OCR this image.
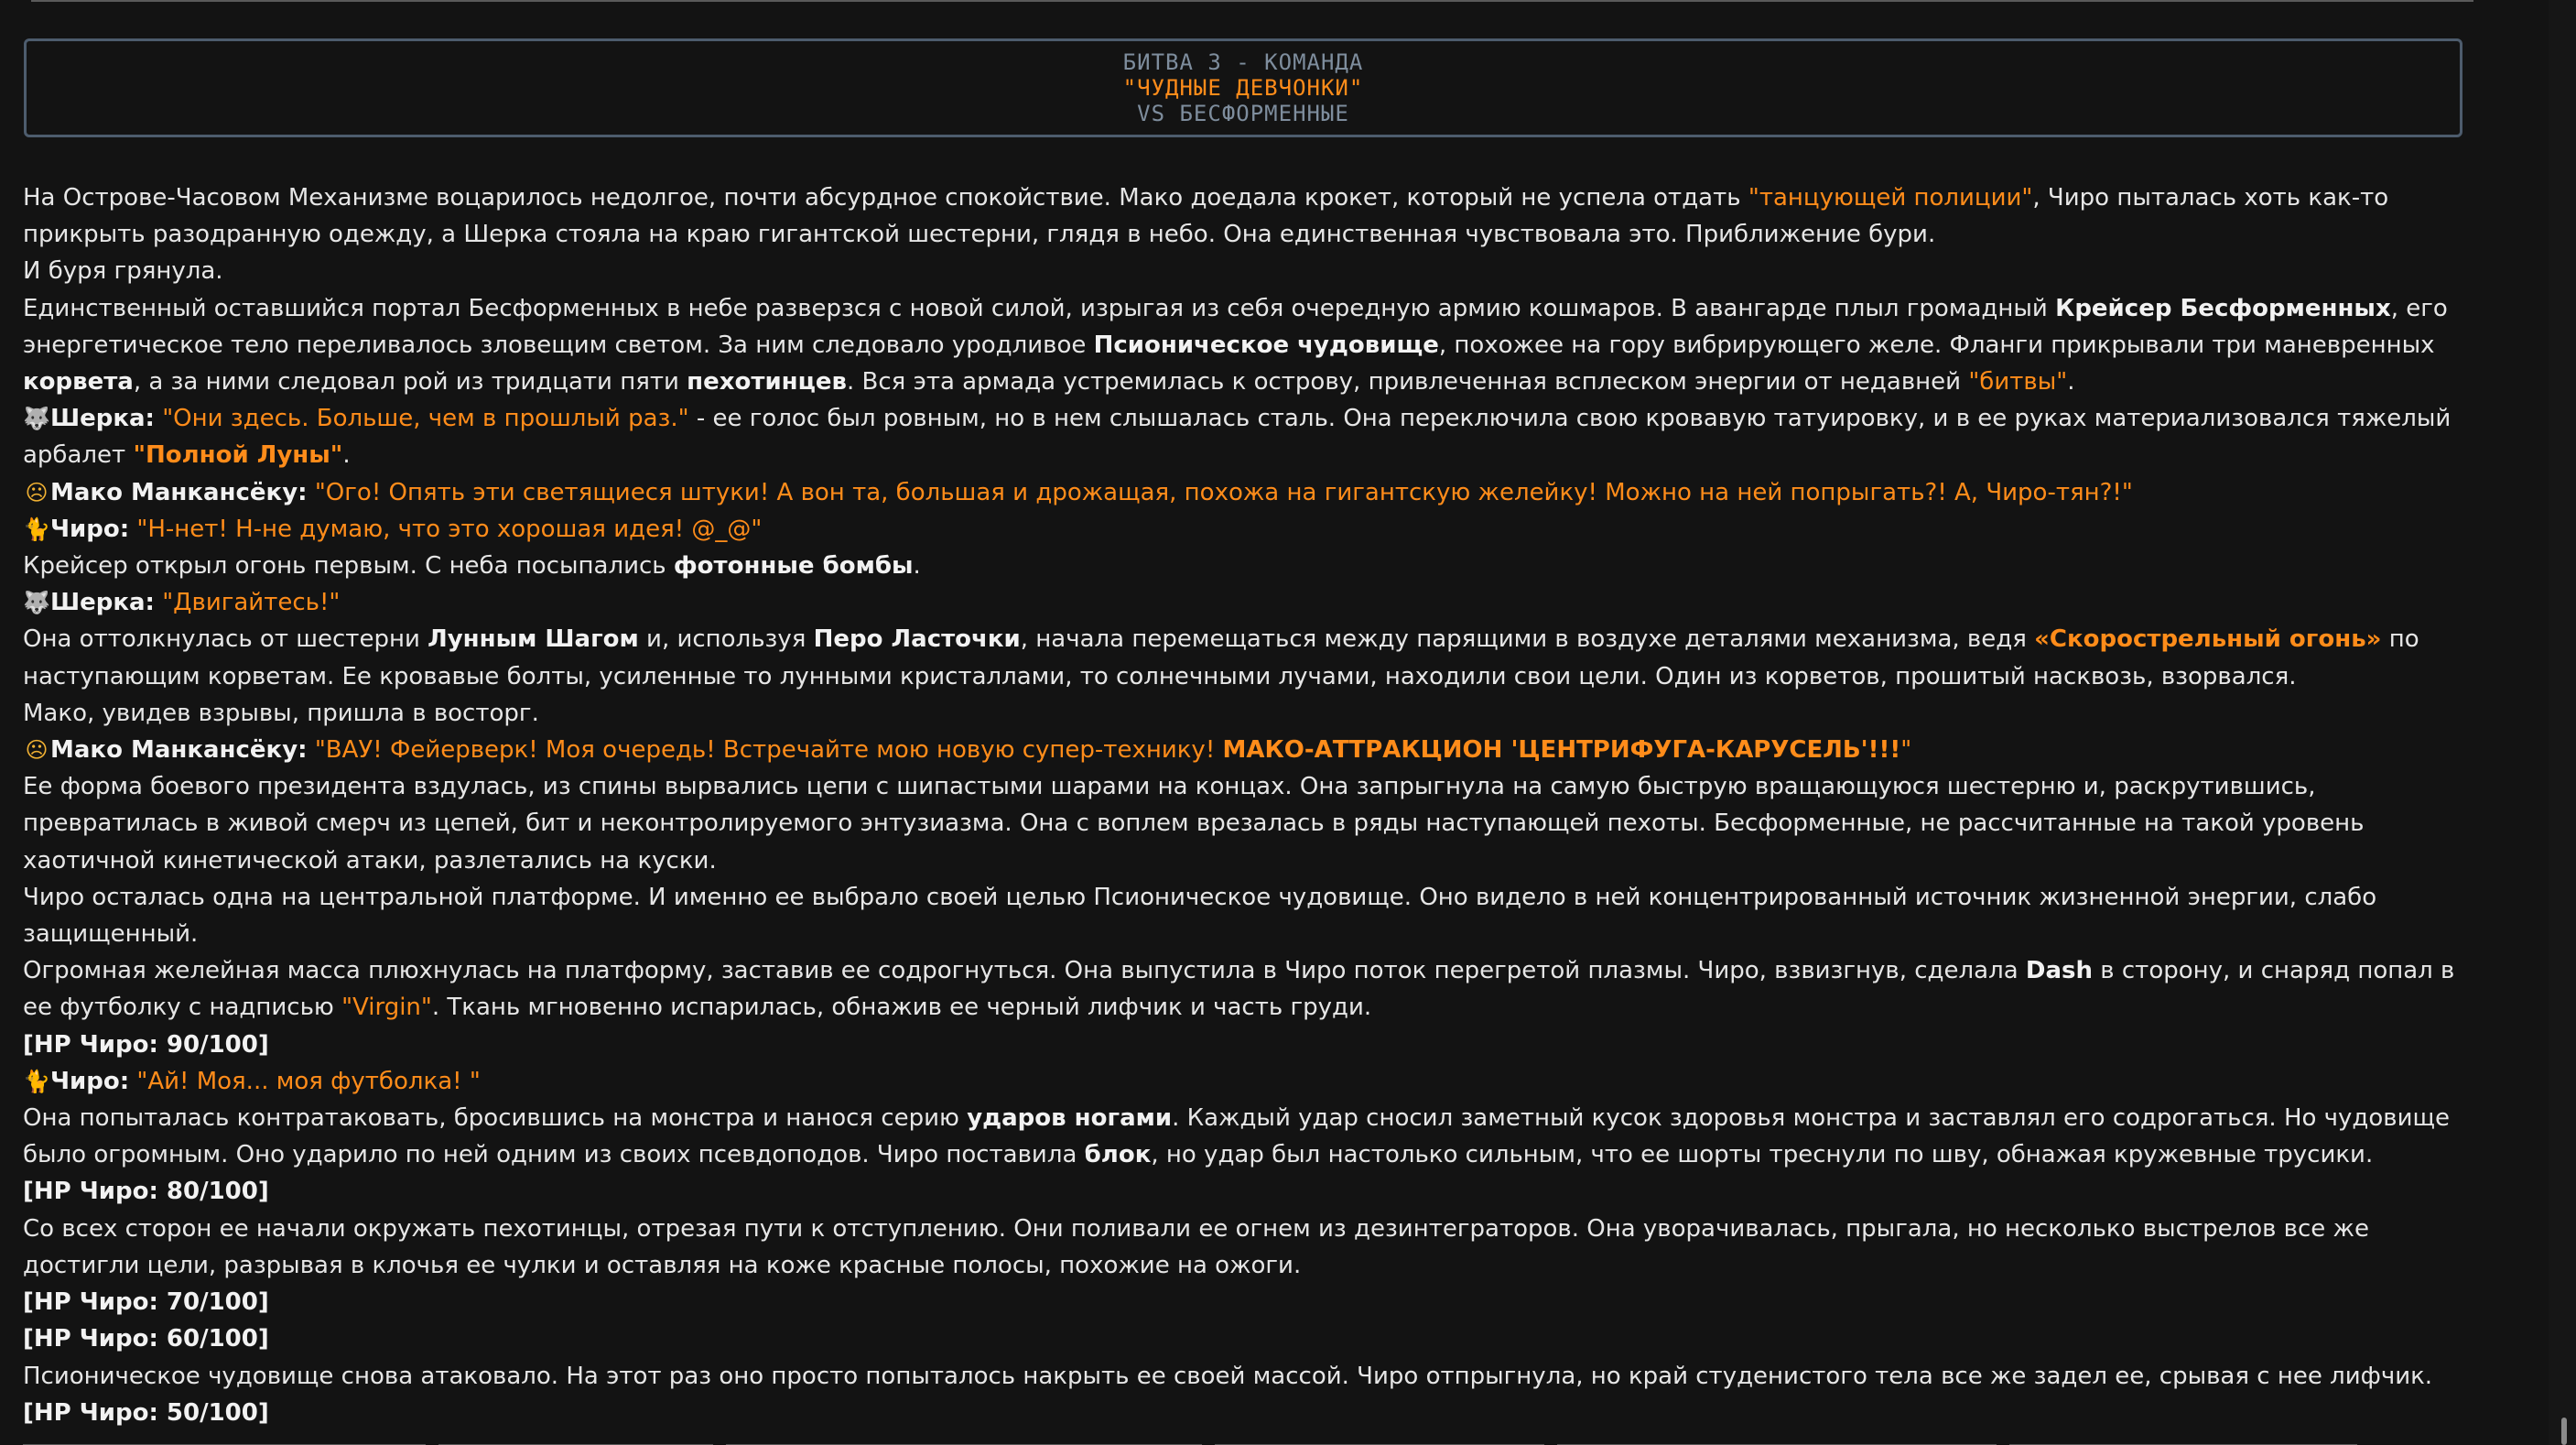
БИТВА 3 - КОМАНДА
"ЧУДНЫЕ ДЕВЧОНКИ"
VS БЕСФОРМЕННЫЕ

На Острове-Часовом Механизме воцарилось недолгое, почти абсурдное спокойствие. Мако доедала крокет, который не успела отдать "танцующей полиции", Чиро пыталась хоть как-то прикрыть разодранную одежду, а Шерка стояла на краю гигантской шестерни, глядя в небо. Она единственная чувствовала это. Приближение бури.

И буря грянула.

Единственный оставшийся портал Бесформенных в небе разверзся с новой силой, изрыгая из себя очередную армию кошмаров. В авангарде плыл громадный Крейсер Бесформенных, его энергетическое тело переливалось зловещим светом. За ним следовало уродливое Псионическое чудовище, похожее на гору вибрирующего желе. Фланги прикрывали три маневренных корвета, а за ними следовал рой из тридцати пяти пехотинцев. Вся эта армада устремилась к острову, привлеченная всплеском энергии от недавней "битвы".

🐺Шерка: "Они здесь. Больше, чем в прошлый раз." - ее голос был ровным, но в нем слышалась сталь. Она переключила свою кровавую татуировку, и в ее руках материализовался тяжелый арбалет "Полной Луны".

☹Мако Манкансёку: "Ого! Опять эти светящиеся штуки! А вон та, большая и дрожащая, похожа на гигантскую желейку! Можно на ней попрыгать?! А, Чиро-тян?!"

🐈Чиро: "Н-нет! Н-не думаю, что это хорошая идея! @_@"

Крейсер открыл огонь первым. С неба посыпались фотонные бомбы.

🐺Шерка: "Двигайтесь!"

Она оттолкнулась от шестерни Лунным Шагом и, используя Перо Ласточки, начала перемещаться между парящими в воздухе деталями механизма, ведя «Скорострельный огонь» по наступающим корветам. Ее кровавые болты, усиленные то лунными кристаллами, то солнечными лучами, находили свои цели. Один из корветов, прошитый насквозь, взорвался.

Мако, увидев взрывы, пришла в восторг.

☹Мако Манкансёку: "ВАУ! Фейерверк! Моя очередь! Встречайте мою новую супер-технику! МАКО-АТТРАКЦИОН 'ЦЕНТРИФУГА-КАРУСЕЛЬ'!!!"

Ее форма боевого президента вздулась, из спины вырвались цепи с шипастыми шарами на концах. Она запрыгнула на самую быструю вращающуюся шестерню и, раскрутившись, превратилась в живой смерч из цепей, бит и неконтролируемого энтузиазма. Она с воплем врезалась в ряды наступающей пехоты. Бесформенные, не рассчитанные на такой уровень хаотичной кинетической атаки, разлетались на куски.

Чиро осталась одна на центральной платформе. И именно ее выбрало своей целью Псионическое чудовище. Оно видело в ней концентрированный источник жизненной энергии, слабо защищенный.

Огромная желейная масса плюхнулась на платформу, заставив ее содрогнуться. Она выпустила в Чиро поток перегретой плазмы. Чиро, взвизгнув, сделала Dash в сторону, и снаряд попал в ее футболку с надписью "Virgin". Ткань мгновенно испарилась, обнажив ее черный лифчик и часть груди.

[HP Чиро: 90/100]

🐈Чиро: "Ай! Моя... моя футболка! "

Она попыталась контратаковать, бросившись на монстра и нанося серию ударов ногами. Каждый удар сносил заметный кусок здоровья монстра и заставлял его содрогаться. Но чудовище было огромным. Оно ударило по ней одним из своих псевдоподов. Чиро поставила блок, но удар был настолько сильным, что ее шорты треснули по шву, обнажая кружевные трусики.

[HP Чиро: 80/100]

Со всех сторон ее начали окружать пехотинцы, отрезая пути к отступлению. Они поливали ее огнем из дезинтеграторов. Она уворачивалась, прыгала, но несколько выстрелов все же достигли цели, разрывая в клочья ее чулки и оставляя на коже красные полосы, похожие на ожоги.

[HP Чиро: 70/100]

[HP Чиро: 60/100]

Псионическое чудовище снова атаковало. На этот раз оно просто попыталось накрыть ее своей массой. Чиро отпрыгнула, но край студенистого тела все же задел ее, срывая с нее лифчик.

[HP Чиро: 50/100]
